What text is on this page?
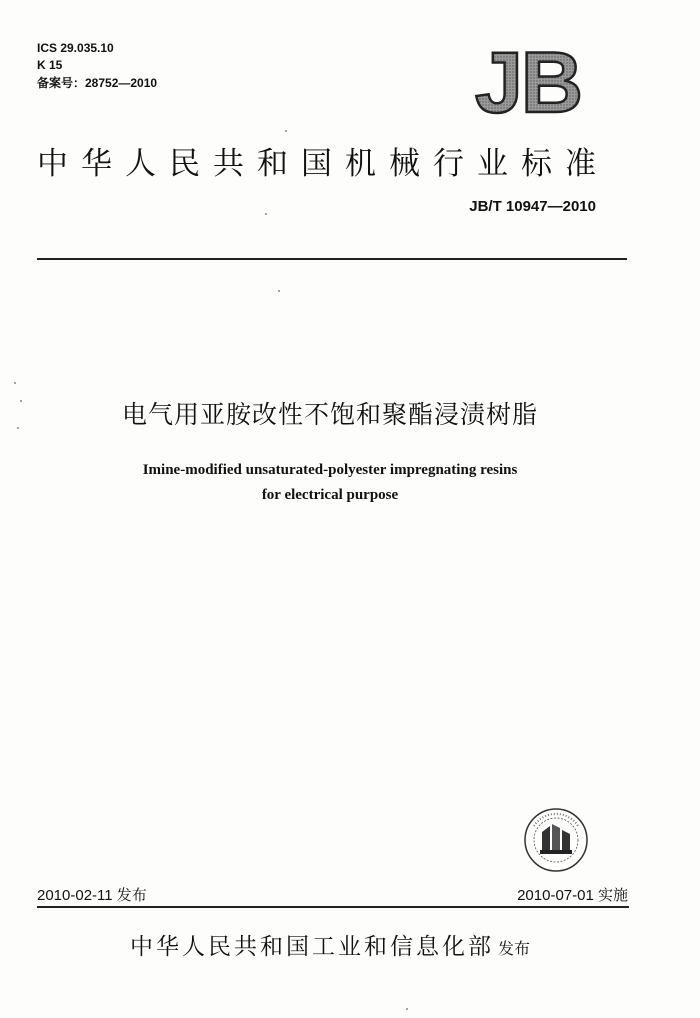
ICS 29.035.10
K 15
备案号：28752—2010	JB
中华人民共和国机械行业标准
JB/T 10947—2010
电气用亚胺改性不饱和聚酯浸渍树脂
Imine-modified unsaturated-polyester impregnating resins
for electrical purpose
2010-02-11 发布	2010-07-01 实施
中华人民共和国工业和信息化部 发布
